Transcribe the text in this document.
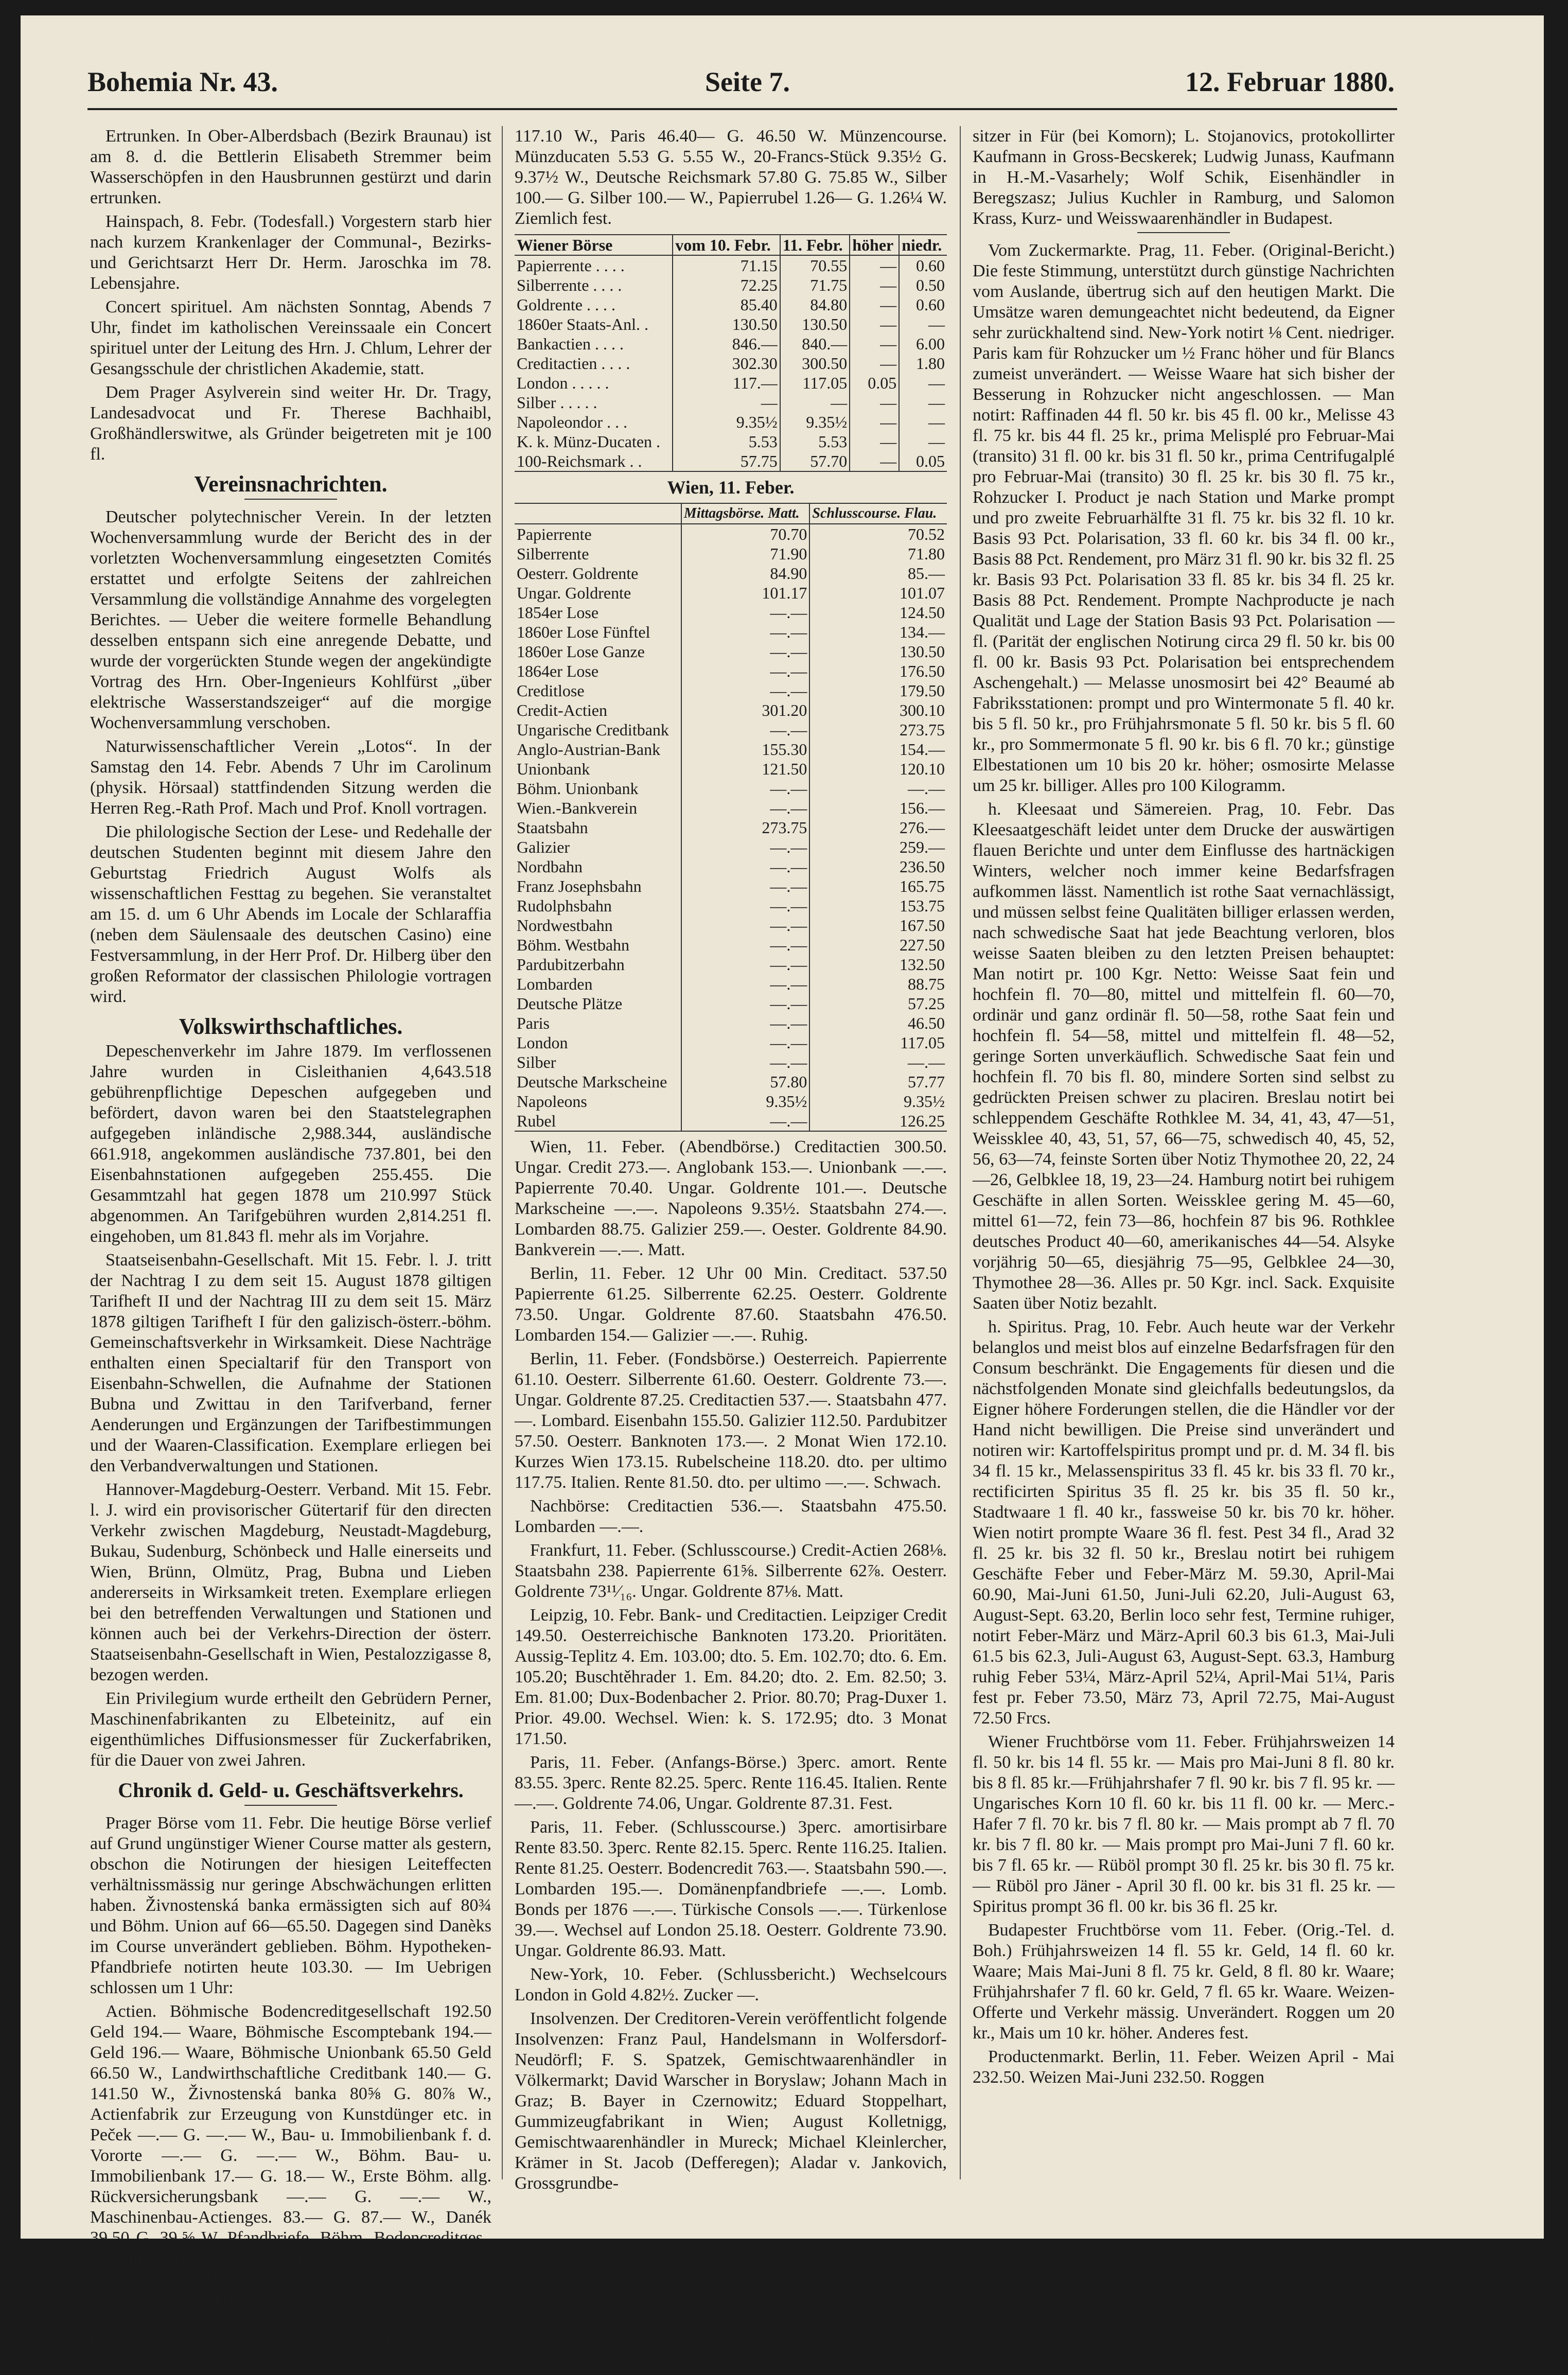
Bohemia Nr. 43.	Seite 7.	12. Februar 1880.

Ertrunken. In Ober-Alberdsbach (Bezirk Braunau) ist am 8. d. die Bettlerin Elisabeth Stremmer beim Wasserschöpfen in den Hausbrunnen gestürzt und darin ertrunken.

Hainspach, 8. Febr. (Todesfall.) Vorgestern starb hier nach kurzem Krankenlager der Communal-, Bezirks- und Gerichtsarzt Herr Dr. Herm. Jaroschka im 78. Lebensjahre.

Concert spirituel. Am nächsten Sonntag, Abends 7 Uhr, findet im katholischen Vereinssaale ein Concert spirituel unter der Leitung des Hrn. J. Chlum, Lehrer der Gesangsschule der christlichen Akademie, statt.

Dem Prager Asylverein sind weiter Hr. Dr. Tragy, Landesadvocat und Fr. Therese Bachhaibl, Großhändlerswitwe, als Gründer beigetreten mit je 100 fl.

Vereinsnachrichten.

Deutscher polytechnischer Verein. In der letzten Wochenversammlung wurde der Bericht des in der vorletzten Wochenversammlung eingesetzten Comités erstattet und erfolgte Seitens der zahlreichen Versammlung die vollständige Annahme des vorgelegten Berichtes. — Ueber die weitere formelle Behandlung desselben entspann sich eine anregende Debatte, und wurde der vorgerückten Stunde wegen der angekündigte Vortrag des Hrn. Ober-Ingenieurs Kohlfürst „über elektrische Wasserstandszeiger“ auf die morgige Wochenversammlung verschoben.

Naturwissenschaftlicher Verein „Lotos“. In der Samstag den 14. Febr. Abends 7 Uhr im Carolinum (physik. Hörsaal) stattfindenden Sitzung werden die Herren Reg.-Rath Prof. Mach und Prof. Knoll vortragen.

Die philologische Section der Lese- und Redehalle der deutschen Studenten beginnt mit diesem Jahre den Geburtstag Friedrich August Wolfs als wissenschaftlichen Festtag zu begehen. Sie veranstaltet am 15. d. um 6 Uhr Abends im Locale der Schlaraffia (neben dem Säulensaale des deutschen Casino) eine Festversammlung, in der Herr Prof. Dr. Hilberg über den großen Reformator der classischen Philologie vortragen wird.

Volkswirthschaftliches.

Depeschenverkehr im Jahre 1879. Im verflossenen Jahre wurden in Cisleithanien 4,643.518 gebührenpflichtige Depeschen aufgegeben und befördert, davon waren bei den Staatstelegraphen aufgegeben inländische 2,988.344, ausländische 661.918, angekommen ausländische 737.801, bei den Eisenbahnstationen aufgegeben 255.455. Die Gesammtzahl hat gegen 1878 um 210.997 Stück abgenommen. An Tarifgebühren wurden 2,814.251 fl. eingehoben, um 81.843 fl. mehr als im Vorjahre.

Staatseisenbahn-Gesellschaft. Mit 15. Febr. l. J. tritt der Nachtrag I zu dem seit 15. August 1878 giltigen Tarifheft II und der Nachtrag III zu dem seit 15. März 1878 giltigen Tarifheft I für den galizisch-österr.-böhm. Gemeinschaftsverkehr in Wirksamkeit. Diese Nachträge enthalten einen Specialtarif für den Transport von Eisenbahn-Schwellen, die Aufnahme der Stationen Bubna und Zwittau in den Tarifverband, ferner Aenderungen und Ergänzungen der Tarifbestimmungen und der Waaren-Classification. Exemplare erliegen bei den Verbandverwaltungen und Stationen.

Hannover-Magdeburg-Oesterr. Verband. Mit 15. Febr. l. J. wird ein provisorischer Gütertarif für den directen Verkehr zwischen Magdeburg, Neustadt-Magdeburg, Bukau, Sudenburg, Schönbeck und Halle einerseits und Wien, Brünn, Olmütz, Prag, Bubna und Lieben andererseits in Wirksamkeit treten. Exemplare erliegen bei den betreffenden Verwaltungen und Stationen und können auch bei der Verkehrs-Direction der österr. Staatseisenbahn-Gesellschaft in Wien, Pestalozzigasse 8, bezogen werden.

Ein Privilegium wurde ertheilt den Gebrüdern Perner, Maschinenfabrikanten zu Elbeteinitz, auf ein eigenthümliches Diffusionsmesser für Zuckerfabriken, für die Dauer von zwei Jahren.

Chronik d. Geld- u. Geschäftsverkehrs.

Prager Börse vom 11. Febr. Die heutige Börse verlief auf Grund ungünstiger Wiener Course matter als gestern, obschon die Notirungen der hiesigen Leiteffecten verhältnissmässig nur geringe Abschwächungen erlitten haben. Živnostenská banka ermässigten sich auf 80¾ und Böhm. Union auf 66—65.50. Dagegen sind Danèks im Course unverändert geblieben. Böhm. Hypotheken-Pfandbriefe notirten heute 103.30. — Im Uebrigen schlossen um 1 Uhr:

Actien. Böhmische Bodencreditgesellschaft 192.50 Geld 194.— Waare, Böhmische Escomptebank 194.— Geld 196.— Waare, Böhmische Unionbank 65.50 Geld 66.50 W., Landwirthschaftliche Creditbank 140.— G. 141.50 W., Živnostenská banka 80⅝ G. 80⅞ W., Actienfabrik zur Erzeugung von Kunstdünger etc. in Peček —.— G. —.— W., Bau- u. Immobilienbank f. d. Vororte —.— G. —.— W., Böhm. Bau- u. Immobilienbank 17.— G. 18.— W., Erste Böhm. allg. Rückversicherungsbank —.— G. —.— W., Maschinenbau-Actienges. 83.— G. 87.— W., Danék 39.50 G. 39.⅝ W. Pfandbriefe. Böhm. Bodencreditges., verl. in 36 Jahren 5½ pCt. 102.— G. —.— W., Böhm. Bodencreditgesellschaft in 33 J. rückz. 6 pCt. 106.— G. —.— W., Böhm. Hypothekenbank 103.30 G. 103.50 W., Wechselcourse. Amsterdam 97.25 G. 97.50— W., Deutsche Bankplätze 57.20 G. 57.30 W., London 116.90 G.

117.10 W., Paris 46.40— G. 46.50 W. Münzencourse. Münzducaten 5.53 G. 5.55 W., 20-Francs-Stück 9.35½ G. 9.37½ W., Deutsche Reichsmark 57.80 G. 75.85 W., Silber 100.— G. Silber 100.— W., Papierrubel 1.26— G. 1.26¼ W. Ziemlich fest.

Wiener Börse	vom 10. Febr.	11. Febr.	höher	niedr.
Papierrente . . . .	71.15	70.55	—	0.60
Silberrente . . . .	72.25	71.75	—	0.50
Goldrente . . . .	85.40	84.80	—	0.60
1860er Staats-Anl. .	130.50	130.50	—	—
Bankactien . . . .	846.—	840.—	—	6.00
Creditactien . . . .	302.30	300.50	—	1.80
London . . . . .	117.—	117.05	0.05	—
Silber . . . . .	—	—	—	—
Napoleondor . . .	9.35½	9.35½	—	—
K. k. Münz-Ducaten .	5.53	5.53	—	—
100-Reichsmark . .	57.75	57.70	—	0.05
Wien, 11. Feber.
	Mittagsbörse. Matt.	Schlusscourse. Flau.
Papierrente	70.70	70.52
Silberrente	71.90	71.80
Oesterr. Goldrente	84.90	85.—
Ungar. Goldrente	101.17	101.07
1854er Lose	—.—	124.50
1860er Lose Fünftel	—.—	134.—
1860er Lose Ganze	—.—	130.50
1864er Lose	—.—	176.50
Creditlose	—.—	179.50
Credit-Actien	301.20	300.10
Ungarische Creditbank	—.—	273.75
Anglo-Austrian-Bank	155.30	154.—
Unionbank	121.50	120.10
Böhm. Unionbank	—.—	—.—
Wien.-Bankverein	—.—	156.—
Staatsbahn	273.75	276.—
Galizier	—.—	259.—
Nordbahn	—.—	236.50
Franz Josephsbahn	—.—	165.75
Rudolphsbahn	—.—	153.75
Nordwestbahn	—.—	167.50
Böhm. Westbahn	—.—	227.50
Pardubitzerbahn	—.—	132.50
Lombarden	—.—	88.75
Deutsche Plätze	—.—	57.25
Paris	—.—	46.50
London	—.—	117.05
Silber	—.—	—.—
Deutsche Markscheine	57.80	57.77
Napoleons	9.35½	9.35½
Rubel	—.—	126.25

Wien, 11. Feber. (Abendbörse.) Creditactien 300.50. Ungar. Credit 273.—. Anglobank 153.—. Unionbank —.—. Papierrente 70.40. Ungar. Goldrente 101.—. Deutsche Markscheine —.—. Napoleons 9.35½. Staatsbahn 274.—. Lombarden 88.75. Galizier 259.—. Oester. Goldrente 84.90. Bankverein —.—. Matt.

Berlin, 11. Feber. 12 Uhr 00 Min. Creditact. 537.50 Papierrente 61.25. Silberrente 62.25. Oesterr. Goldrente 73.50. Ungar. Goldrente 87.60. Staatsbahn 476.50. Lombarden 154.— Galizier —.—. Ruhig.

Berlin, 11. Feber. (Fondsbörse.) Oesterreich. Papierrente 61.10. Oesterr. Silberrente 61.60. Oesterr. Goldrente 73.—. Ungar. Goldrente 87.25. Creditactien 537.—. Staatsbahn 477.—. Lombard. Eisenbahn 155.50. Galizier 112.50. Pardubitzer 57.50. Oesterr. Banknoten 173.—. 2 Monat Wien 172.10. Kurzes Wien 173.15. Rubelscheine 118.20. dto. per ultimo 117.75. Italien. Rente 81.50. dto. per ultimo —.—. Schwach.

Nachbörse: Creditactien 536.—. Staatsbahn 475.50. Lombarden —.—.

Frankfurt, 11. Feber. (Schlusscourse.) Credit-Actien 268⅛. Staatsbahn 238. Papierrente 61⅝. Silberrente 62⅞. Oesterr. Goldrente 73¹¹⁄₁₆. Ungar. Goldrente 87⅛. Matt.

Leipzig, 10. Febr. Bank- und Creditactien. Leipziger Credit 149.50. Oesterreichische Banknoten 173.20. Prioritäten. Aussig-Teplitz 4. Em. 103.00; dto. 5. Em. 102.70; dto. 6. Em. 105.20; Buschtěhrader 1. Em. 84.20; dto. 2. Em. 82.50; 3. Em. 81.00; Dux-Bodenbacher 2. Prior. 80.70; Prag-Duxer 1. Prior. 49.00. Wechsel. Wien: k. S. 172.95; dto. 3 Monat 171.50.

Paris, 11. Feber. (Anfangs-Börse.) 3perc. amort. Rente 83.55. 3perc. Rente 82.25. 5perc. Rente 116.45. Italien. Rente —.—. Goldrente 74.06, Ungar. Goldrente 87.31. Fest.

Paris, 11. Feber. (Schlusscourse.) 3perc. amortisirbare Rente 83.50. 3perc. Rente 82.15. 5perc. Rente 116.25. Italien. Rente 81.25. Oesterr. Bodencredit 763.—. Staatsbahn 590.—. Lombarden 195.—. Domänenpfandbriefe —.—. Lomb. Bonds per 1876 —.—. Türkische Consols —.—. Türkenlose 39.—. Wechsel auf London 25.18. Oesterr. Goldrente 73.90. Ungar. Goldrente 86.93. Matt.

New-York, 10. Feber. (Schlussbericht.) Wechselcours London in Gold 4.82½. Zucker —.

Insolvenzen. Der Creditoren-Verein veröffentlicht folgende Insolvenzen: Franz Paul, Handelsmann in Wolfersdorf-Neudörfl; F. S. Spatzek, Gemischtwaarenhändler in Völkermarkt; David Warscher in Boryslaw; Johann Mach in Graz; B. Bayer in Czernowitz; Eduard Stoppelhart, Gummizeugfabrikant in Wien; August Kolletnigg, Gemischtwaarenhändler in Mureck; Michael Kleinlercher, Krämer in St. Jacob (Defferegen); Aladar v. Jankovich, Grossgrundbe-

sitzer in Für (bei Komorn); L. Stojanovics, protokollirter Kaufmann in Gross-Becskerek; Ludwig Junass, Kaufmann in H.-M.-Vasarhely; Wolf Schik, Eisenhändler in Beregszasz; Julius Kuchler in Ramburg, und Salomon Krass, Kurz- und Weisswaarenhändler in Budapest.

Vom Zuckermarkte. Prag, 11. Feber. (Original-Bericht.) Die feste Stimmung, unterstützt durch günstige Nachrichten vom Auslande, übertrug sich auf den heutigen Markt. Die Umsätze waren demungeachtet nicht bedeutend, da Eigner sehr zurückhaltend sind. New-York notirt ⅛ Cent. niedriger. Paris kam für Rohzucker um ½ Franc höher und für Blancs zumeist unverändert. — Weisse Waare hat sich bisher der Besserung in Rohzucker nicht angeschlossen. — Man notirt: Raffinaden 44 fl. 50 kr. bis 45 fl. 00 kr., Melisse 43 fl. 75 kr. bis 44 fl. 25 kr., prima Melisplé pro Februar-Mai (transito) 31 fl. 00 kr. bis 31 fl. 50 kr., prima Centrifugalplé pro Februar-Mai (transito) 30 fl. 25 kr. bis 30 fl. 75 kr., Rohzucker I. Product je nach Station und Marke prompt und pro zweite Februarhälfte 31 fl. 75 kr. bis 32 fl. 10 kr. Basis 93 Pct. Polarisation, 33 fl. 60 kr. bis 34 fl. 00 kr., Basis 88 Pct. Rendement, pro März 31 fl. 90 kr. bis 32 fl. 25 kr. Basis 93 Pct. Polarisation 33 fl. 85 kr. bis 34 fl. 25 kr. Basis 88 Pct. Rendement. Prompte Nachproducte je nach Qualität und Lage der Station Basis 93 Pct. Polarisation — fl. (Parität der englischen Notirung circa 29 fl. 50 kr. bis 00 fl. 00 kr. Basis 93 Pct. Polarisation bei entsprechendem Aschengehalt.) — Melasse unosmosirt bei 42° Beaumé ab Fabriksstationen: prompt und pro Wintermonate 5 fl. 40 kr. bis 5 fl. 50 kr., pro Frühjahrsmonate 5 fl. 50 kr. bis 5 fl. 60 kr., pro Sommermonate 5 fl. 90 kr. bis 6 fl. 70 kr.; günstige Elbestationen um 10 bis 20 kr. höher; osmosirte Melasse um 25 kr. billiger. Alles pro 100 Kilogramm.

h. Kleesaat und Sämereien. Prag, 10. Febr. Das Kleesaatgeschäft leidet unter dem Drucke der auswärtigen flauen Berichte und unter dem Einflusse des hartnäckigen Winters, welcher noch immer keine Bedarfsfragen aufkommen lässt. Namentlich ist rothe Saat vernachlässigt, und müssen selbst feine Qualitäten billiger erlassen werden, nach schwedische Saat hat jede Beachtung verloren, blos weisse Saaten bleiben zu den letzten Preisen behauptet: Man notirt pr. 100 Kgr. Netto: Weisse Saat fein und hochfein fl. 70—80, mittel und mittelfein fl. 60—70, ordinär und ganz ordinär fl. 50—58, rothe Saat fein und hochfein fl. 54—58, mittel und mittelfein fl. 48—52, geringe Sorten unverkäuflich. Schwedische Saat fein und hochfein fl. 70 bis fl. 80, mindere Sorten sind selbst zu gedrückten Preisen schwer zu placiren. Breslau notirt bei schleppendem Geschäfte Rothklee M. 34, 41, 43, 47—51, Weissklee 40, 43, 51, 57, 66—75, schwedisch 40, 45, 52, 56, 63—74, feinste Sorten über Notiz Thymothee 20, 22, 24—26, Gelbklee 18, 19, 23—24. Hamburg notirt bei ruhigem Geschäfte in allen Sorten. Weissklee gering M. 45—60, mittel 61—72, fein 73—86, hochfein 87 bis 96. Rothklee deutsches Product 40—60, amerikanisches 44—54. Alsyke vorjährig 50—65, diesjährig 75—95, Gelbklee 24—30, Thymothee 28—36. Alles pr. 50 Kgr. incl. Sack. Exquisite Saaten über Notiz bezahlt.

h. Spiritus. Prag, 10. Febr. Auch heute war der Verkehr belanglos und meist blos auf einzelne Bedarfsfragen für den Consum beschränkt. Die Engagements für diesen und die nächstfolgenden Monate sind gleichfalls bedeutungslos, da Eigner höhere Forderungen stellen, die die Händler vor der Hand nicht bewilligen. Die Preise sind unverändert und notiren wir: Kartoffelspiritus prompt und pr. d. M. 34 fl. bis 34 fl. 15 kr., Melassenspiritus 33 fl. 45 kr. bis 33 fl. 70 kr., rectificirten Spiritus 35 fl. 25 kr. bis 35 fl. 50 kr., Stadtwaare 1 fl. 40 kr., fassweise 50 kr. bis 70 kr. höher. Wien notirt prompte Waare 36 fl. fest. Pest 34 fl., Arad 32 fl. 25 kr. bis 32 fl. 50 kr., Breslau notirt bei ruhigem Geschäfte Feber und Feber-März M. 59.30, April-Mai 60.90, Mai-Juni 61.50, Juni-Juli 62.20, Juli-August 63, August-Sept. 63.20, Berlin loco sehr fest, Termine ruhiger, notirt Feber-März und März-April 60.3 bis 61.3, Mai-Juli 61.5 bis 62.3, Juli-August 63, August-Sept. 63.3, Hamburg ruhig Feber 53¼, März-April 52¼, April-Mai 51¼, Paris fest pr. Feber 73.50, März 73, April 72.75, Mai-August 72.50 Frcs.

Wiener Fruchtbörse vom 11. Feber. Frühjahrsweizen 14 fl. 50 kr. bis 14 fl. 55 kr. — Mais pro Mai-Juni 8 fl. 80 kr. bis 8 fl. 85 kr.—Frühjahrshafer 7 fl. 90 kr. bis 7 fl. 95 kr. — Ungarisches Korn 10 fl. 60 kr. bis 11 fl. 00 kr. — Merc.-Hafer 7 fl. 70 kr. bis 7 fl. 80 kr. — Mais prompt ab 7 fl. 70 kr. bis 7 fl. 80 kr. — Mais prompt pro Mai-Juni 7 fl. 60 kr. bis 7 fl. 65 kr. — Rüböl prompt 30 fl. 25 kr. bis 30 fl. 75 kr. — Rüböl pro Jäner - April 30 fl. 00 kr. bis 31 fl. 25 kr. — Spiritus prompt 36 fl. 00 kr. bis 36 fl. 25 kr.

Budapester Fruchtbörse vom 11. Feber. (Orig.-Tel. d. Boh.) Frühjahrsweizen 14 fl. 55 kr. Geld, 14 fl. 60 kr. Waare; Mais Mai-Juni 8 fl. 75 kr. Geld, 8 fl. 80 kr. Waare; Frühjahrshafer 7 fl. 60 kr. Geld, 7 fl. 65 kr. Waare. Weizen-Offerte und Verkehr mässig. Unverändert. Roggen um 20 kr., Mais um 10 kr. höher. Anderes fest.

Productenmarkt. Berlin, 11. Feber. Weizen April - Mai 232.50. Weizen Mai-Juni 232.50. Roggen
